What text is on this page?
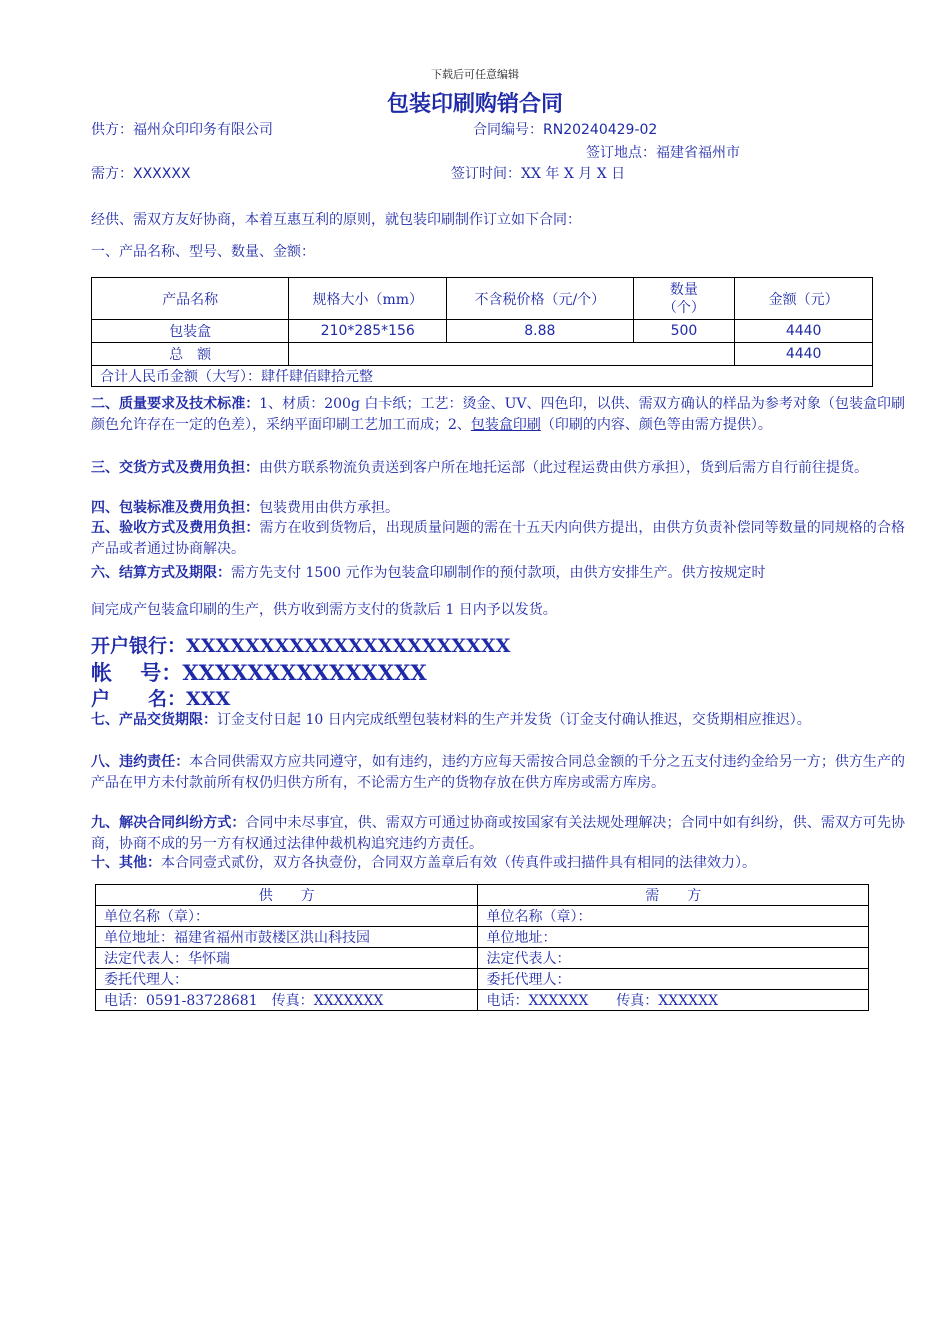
下载后可任意编辑
包装印刷购销合同
供方：福州众印印务有限公司	合同编号：RN20240429-02
签订地点：福建省福州市
需方：XXXXXX	签订时间：XX 年 X 月 X 日
经供、需双方友好协商，本着互惠互利的原则，就包装印刷制作订立如下合同：
一、产品名称、型号、数量、金额：
产品名称	规格大小（mm）	不含税价格（元/个）	数量
（个）	金额（元）
包装盒	210*285*156	8.88	500	4440
总　额				4440
合计人民币金额（大写）：肆仟肆佰肆拾元整				
二、质量要求及技术标准：1、材质：200g 白卡纸；工艺：烫金、UV、四色印，以供、需双方确认的样品为参考对象（包装盒印刷颜色允许存在一定的色差），采纳平面印刷工艺加工而成；2、包装盒印刷（印刷的内容、颜色等由需方提供）。
三、交货方式及费用负担：由供方联系物流负责送到客户所在地托运部（此过程运费由供方承担），货到后需方自行前往提货。
四、包装标准及费用负担：包装费用由供方承担。
五、验收方式及费用负担：需方在收到货物后，出现质量问题的需在十五天内向供方提出，由供方负责补偿同等数量的同规格的合格产品或者通过协商解决。
六、结算方式及期限：需方先支付 1500 元作为包装盒印刷制作的预付款项，由供方安排生产。供方按规定时
间完成产包装盒印刷的生产，供方收到需方支付的货款后 1 日内予以发货。
开户银行：XXXXXXXXXXXXXXXXXXXXXX
帐　 号：XXXXXXXXXXXXXXX
户　　名：XXX
七、产品交货期限：订金支付日起 10 日内完成纸塑包装材料的生产并发货（订金支付确认推迟，交货期相应推迟）。
八、违约责任：本合同供需双方应共同遵守，如有违约，违约方应每天需按合同总金额的千分之五支付违约金给另一方；供方生产的产品在甲方未付款前所有权仍归供方所有，不论需方生产的货物存放在供方库房或需方库房。
九、解决合同纠纷方式：合同中未尽事宜，供、需双方可通过协商或按国家有关法规处理解决；合同中如有纠纷，供、需双方可先协商，协商不成的另一方有权通过法律仲裁机构追究违约方责任。
十、其他：本合同壹式贰份，双方各执壹份，合同双方盖章后有效（传真件或扫描件具有相同的法律效力）。
供　　方	需　　方
单位名称（章）：	单位名称（章）：
单位地址：福建省福州市鼓楼区洪山科技园	单位地址：
法定代表人：华怀瑞	法定代表人：
委托代理人：	委托代理人：
电话：0591-83728681　传真：XXXXXXX	电话：XXXXXX　　传真：XXXXXX
